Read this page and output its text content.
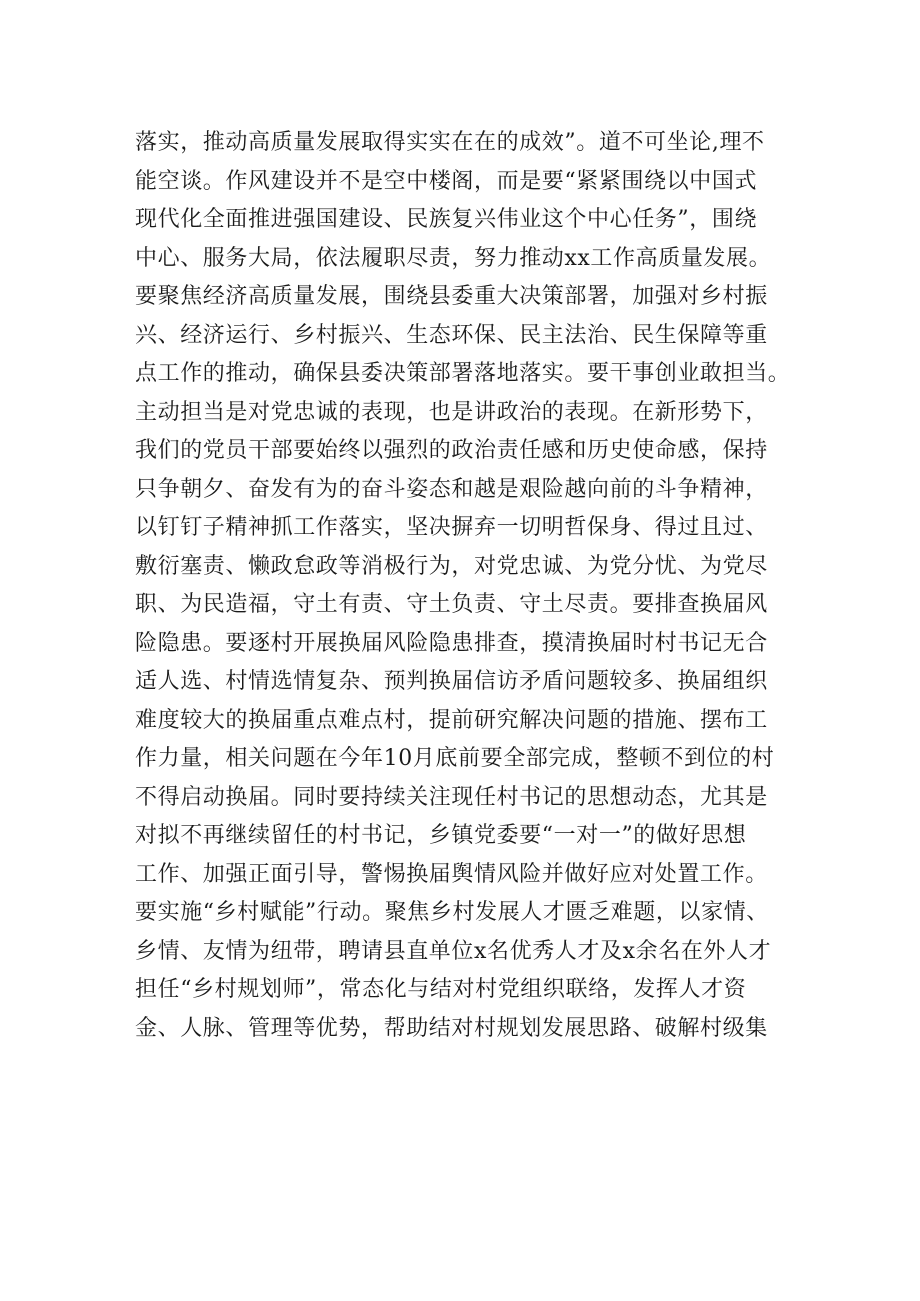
落实，推动高质量发展取得实实在在的成效”。道不可坐论,理不
能空谈。作风建设并不是空中楼阁，而是要“紧紧围绕以中国式
现代化全面推进强国建设、民族复兴伟业这个中心任务”，围绕
中心、服务大局，依法履职尽责，努力推动xx工作高质量发展。
要聚焦经济高质量发展，围绕县委重大决策部署，加强对乡村振
兴、经济运行、乡村振兴、生态环保、民主法治、民生保障等重
点工作的推动，确保县委决策部署落地落实。要干事创业敢担当。
主动担当是对党忠诚的表现，也是讲政治的表现。在新形势下，
我们的党员干部要始终以强烈的政治责任感和历史使命感，保持
只争朝夕、奋发有为的奋斗姿态和越是艰险越向前的斗争精神，
以钉钉子精神抓工作落实，坚决摒弃一切明哲保身、得过且过、
敷衍塞责、懒政怠政等消极行为，对党忠诚、为党分忧、为党尽
职、为民造福，守土有责、守土负责、守土尽责。要排查换届风
险隐患。要逐村开展换届风险隐患排查，摸清换届时村书记无合
适人选、村情选情复杂、预判换届信访矛盾问题较多、换届组织
难度较大的换届重点难点村，提前研究解决问题的措施、摆布工
作力量，相关问题在今年10月底前要全部完成，整顿不到位的村
不得启动换届。同时要持续关注现任村书记的思想动态，尤其是
对拟不再继续留任的村书记，乡镇党委要“一对一”的做好思想
工作、加强正面引导，警惕换届舆情风险并做好应对处置工作。
要实施“乡村赋能”行动。聚焦乡村发展人才匮乏难题，以家情、
乡情、友情为纽带，聘请县直单位x名优秀人才及x余名在外人才
担任“乡村规划师”，常态化与结对村党组织联络，发挥人才资
金、人脉、管理等优势，帮助结对村规划发展思路、破解村级集
